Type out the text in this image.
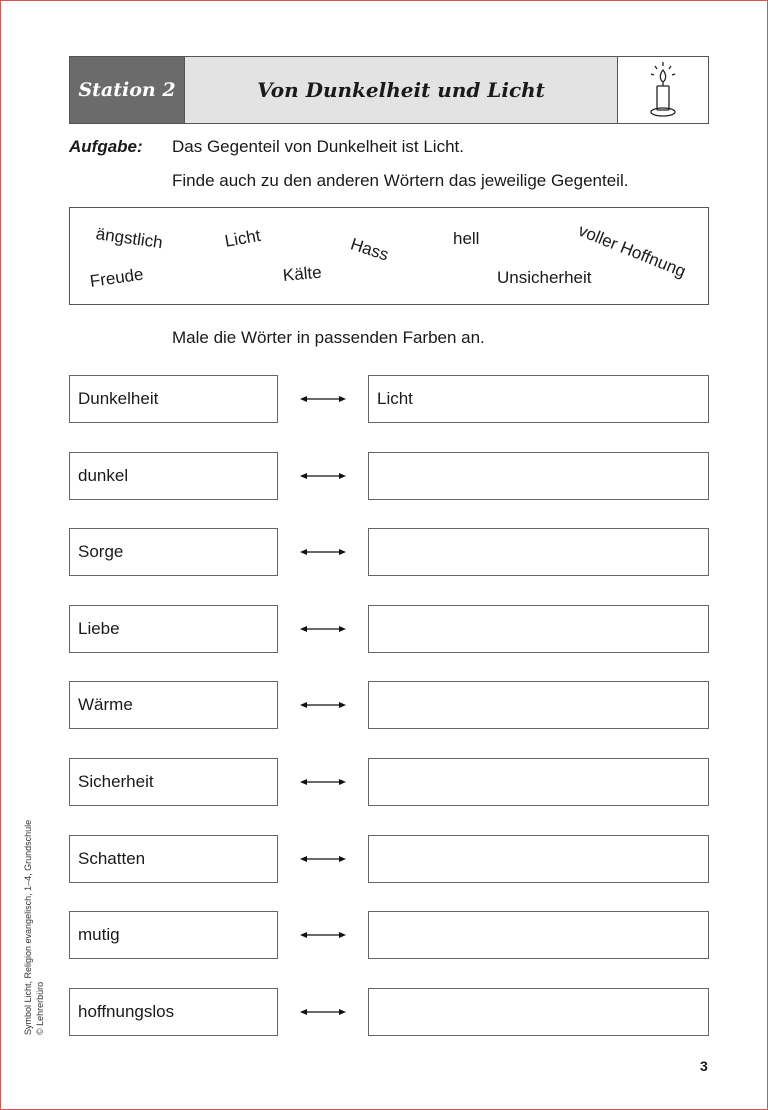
Station 2	Von Dunkelheit und Licht
Aufgabe: Das Gegenteil von Dunkelheit ist Licht.
Finde auch zu den anderen Wörtern das jeweilige Gegenteil.
ängstlich	Licht	Hass	hell	voller Hoffnung
Freude	Kälte	Unsicherheit
Male die Wörter in passenden Farben an.
Dunkelheit	Licht
dunkel
Sorge
Liebe
Wärme
Sicherheit
Schatten
mutig
hoffnungslos
Symbol Licht, Religion evangelisch, 1–4, Grundschule © Lehrerbüro
3
